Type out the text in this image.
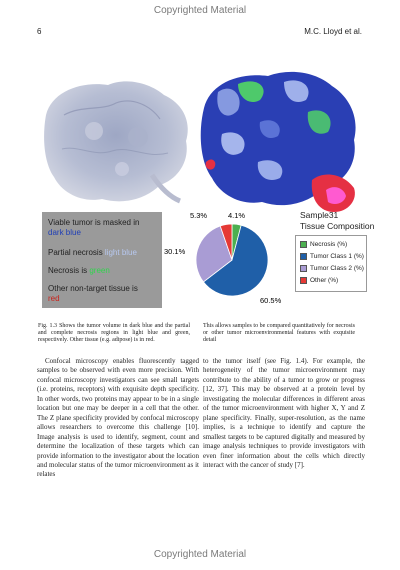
Copyrighted Material
6	M.C. Lloyd et al.
Viable tumor is masked in
dark blue
Partial necrosis light blue
Necrosis is green
Other non-target tissue is
red
4.1%
60.5%
30.1%
5.3%	Sample31
Tissue Composition
Necrosis (%)
Tumor Class 1 (%)
Tumor Class 2 (%)
Other (%)
Fig. 1.3 Shows the tumor volume in dark blue and the partial and complete necrosis regions in light blue and green, respectively. Other tissue (e.g. adipose) is in red.
This allows samples to be compared quantitatively for necrosis or other tumor microenvironmental features with exquisite detail
Confocal microscopy enables fluorescently tagged samples to be observed with even more precision. With confocal microscopy investigators can see small targets (i.e. proteins, receptors) with exquisite depth specificity. In other words, two proteins may appear to be in a single location but one may be deeper in a cell that the other. The Z plane specificity provided by confocal microscopy allows researchers to overcome this challenge [10]. Image analysis is used to identify, segment, count and determine the localization of these targets which can provide information to the investigator about the location and molecular status of the tumor microenvironment as it relates
to the tumor itself (see Fig. 1.4). For example, the heterogeneity of the tumor microenvironment may contribute to the ability of a tumor to grow or progress [12, 37]. This may be observed at a protein level by investigating the molecular differences in different areas of the tumor microenvironment with higher X, Y and Z plane specificity. Finally, super-resolution, as the name implies, is a technique to identify and capture the smallest targets to be captured digitally and measured by image analysis techniques to provide investigators with even finer information about the cells which directly interact with the cancer of study [7].
Copyrighted Material
